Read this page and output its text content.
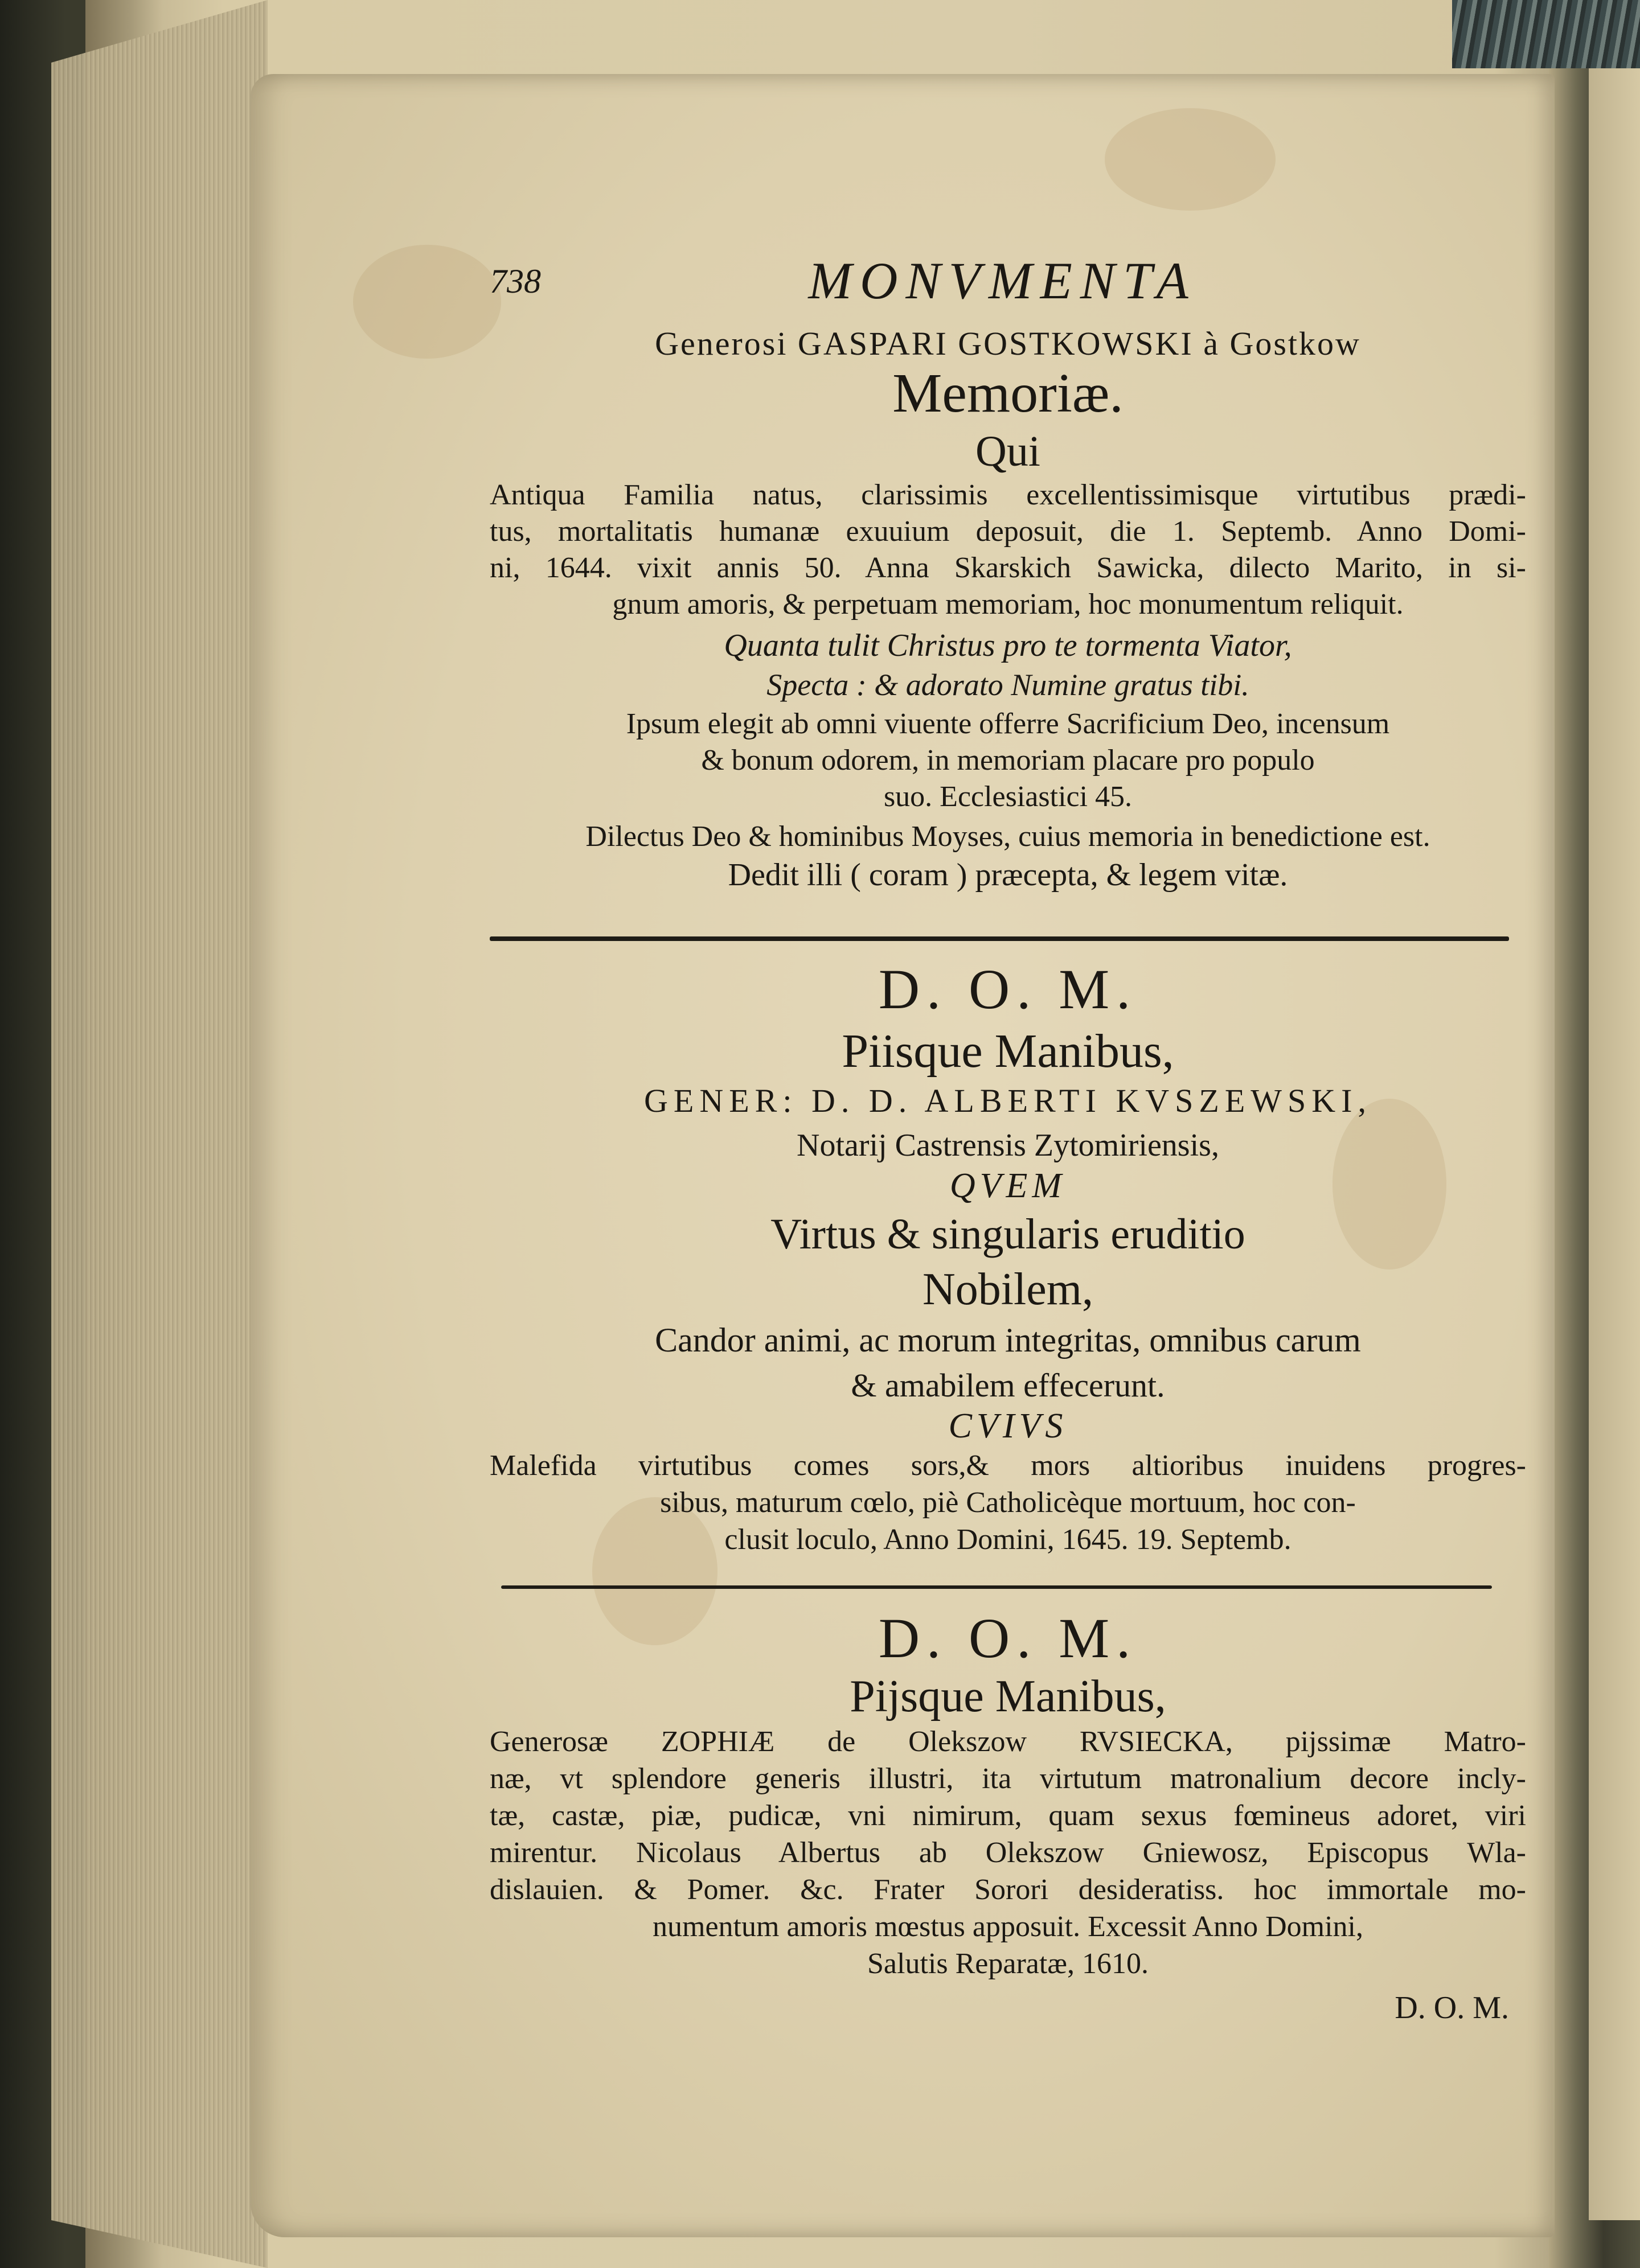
738	MONVMENTA
Generosi GASPARI GOSTKOWSKI à Gostkow
Memoriæ.
Qui
Antiqua Familia natus, clarissimis excellentissimisque virtutibus prædi-
tus, mortalitatis humanæ exuuium deposuit, die 1. Septemb. Anno Domi-
ni, 1644. vixit annis 50. Anna Skarskich Sawicka, dilecto Marito, in si-
gnum amoris, & perpetuam memoriam, hoc monumentum reliquit.
Quanta tulit Christus pro te tormenta Viator,
Specta : & adorato Numine gratus tibi.
Ipsum elegit ab omni viuente offerre Sacrificium Deo, incensum
& bonum odorem, in memoriam placare pro populo
suo. Ecclesiastici 45.
Dilectus Deo & hominibus Moyses, cuius memoria in benedictione est.
Dedit illi ( coram ) præcepta, & legem vitæ.
D. O. M.
Piisque Manibus,
GENER: D. D. ALBERTI KVSZEWSKI,
Notarij Castrensis Zytomiriensis,
QVEM
Virtus & singularis eruditio
Nobilem,
Candor animi, ac morum integritas, omnibus carum
& amabilem effecerunt.
CVIVS
Malefida virtutibus comes sors,& mors altioribus inuidens progres-
sibus, maturum cœlo, piè Catholicèque mortuum, hoc con-
clusit loculo, Anno Domini, 1645. 19. Septemb.
D. O. M.
Pijsque Manibus,
Generosæ ZOPHIÆ de Olekszow RVSIECKA, pijssimæ Matro-
næ, vt splendore generis illustri, ita virtutum matronalium decore incly-
tæ, castæ, piæ, pudicæ, vni nimirum, quam sexus fœmineus adoret, viri
mirentur. Nicolaus Albertus ab Olekszow Gniewosz, Episcopus Wla-
dislauien. & Pomer. &c. Frater Sorori desideratiss. hoc immortale mo-
numentum amoris mœstus apposuit. Excessit Anno Domini,
Salutis Reparatæ, 1610.
D. O. M.
